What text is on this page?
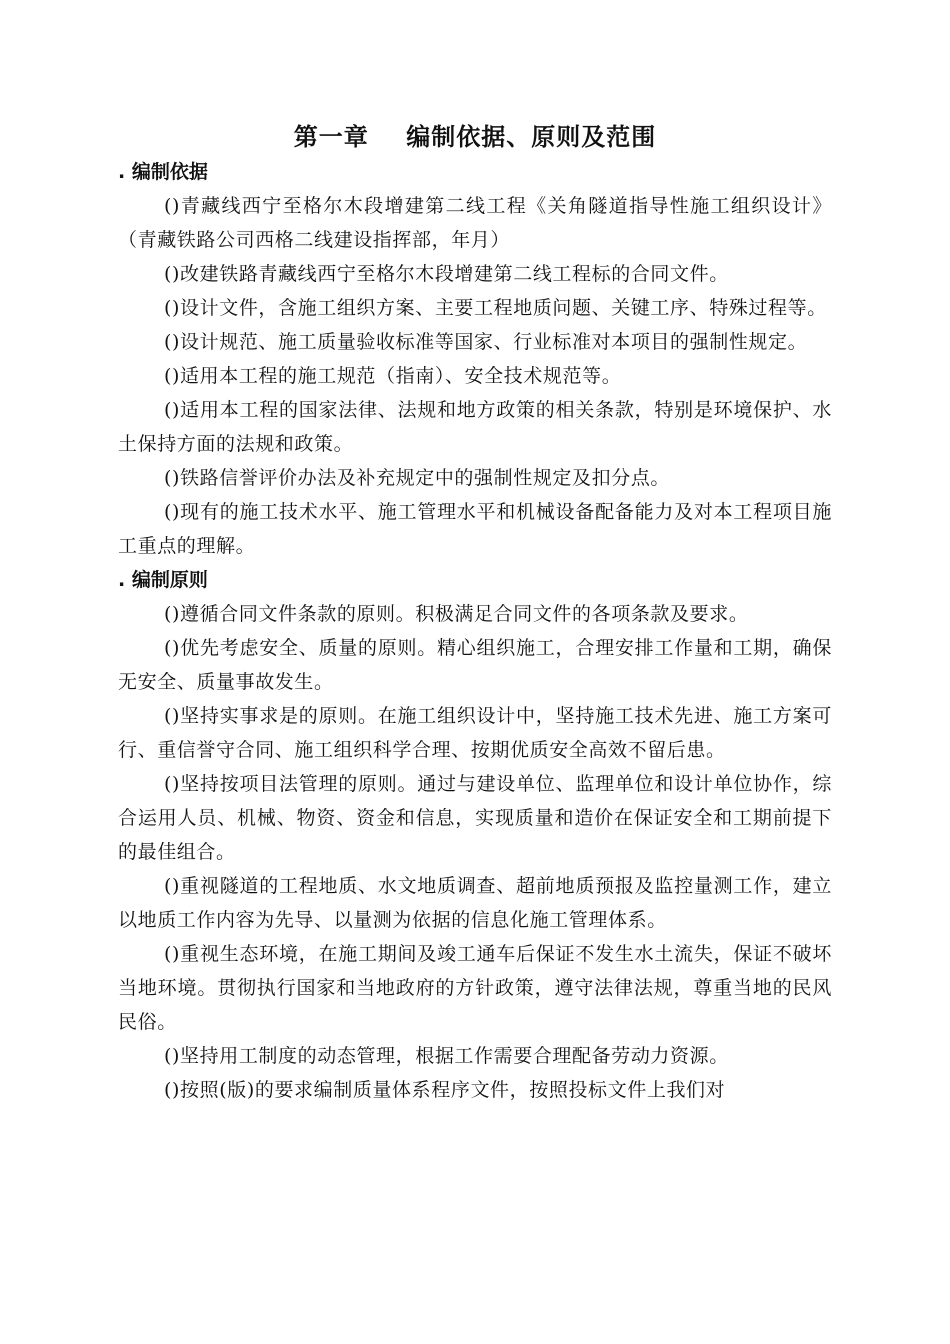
第一章    编制依据、原则及范围

. 编制依据

()青藏线西宁至格尔木段增建第二线工程《关角隧道指导性施工组织设计》（青藏铁路公司西格二线建设指挥部，年月）

()改建铁路青藏线西宁至格尔木段增建第二线工程标的合同文件。

()设计文件，含施工组织方案、主要工程地质问题、关键工序、特殊过程等。

()设计规范、施工质量验收标准等国家、行业标准对本项目的强制性规定。

()适用本工程的施工规范（指南）、安全技术规范等。

()适用本工程的国家法律、法规和地方政策的相关条款，特别是环境保护、水土保持方面的法规和政策。

()铁路信誉评价办法及补充规定中的强制性规定及扣分点。

()现有的施工技术水平、施工管理水平和机械设备配备能力及对本工程项目施工重点的理解。

. 编制原则

()遵循合同文件条款的原则。积极满足合同文件的各项条款及要求。

()优先考虑安全、质量的原则。精心组织施工，合理安排工作量和工期，确保无安全、质量事故发生。

()坚持实事求是的原则。在施工组织设计中，坚持施工技术先进、施工方案可行、重信誉守合同、施工组织科学合理、按期优质安全高效不留后患。

()坚持按项目法管理的原则。通过与建设单位、监理单位和设计单位协作，综合运用人员、机械、物资、资金和信息，实现质量和造价在保证安全和工期前提下的最佳组合。

()重视隧道的工程地质、水文地质调查、超前地质预报及监控量测工作，建立以地质工作内容为先导、以量测为依据的信息化施工管理体系。

()重视生态环境，在施工期间及竣工通车后保证不发生水土流失，保证不破坏当地环境。贯彻执行国家和当地政府的方针政策，遵守法律法规，尊重当地的民风民俗。

()坚持用工制度的动态管理，根据工作需要合理配备劳动力资源。

()按照(版)的要求编制质量体系程序文件，按照投标文件上我们对
